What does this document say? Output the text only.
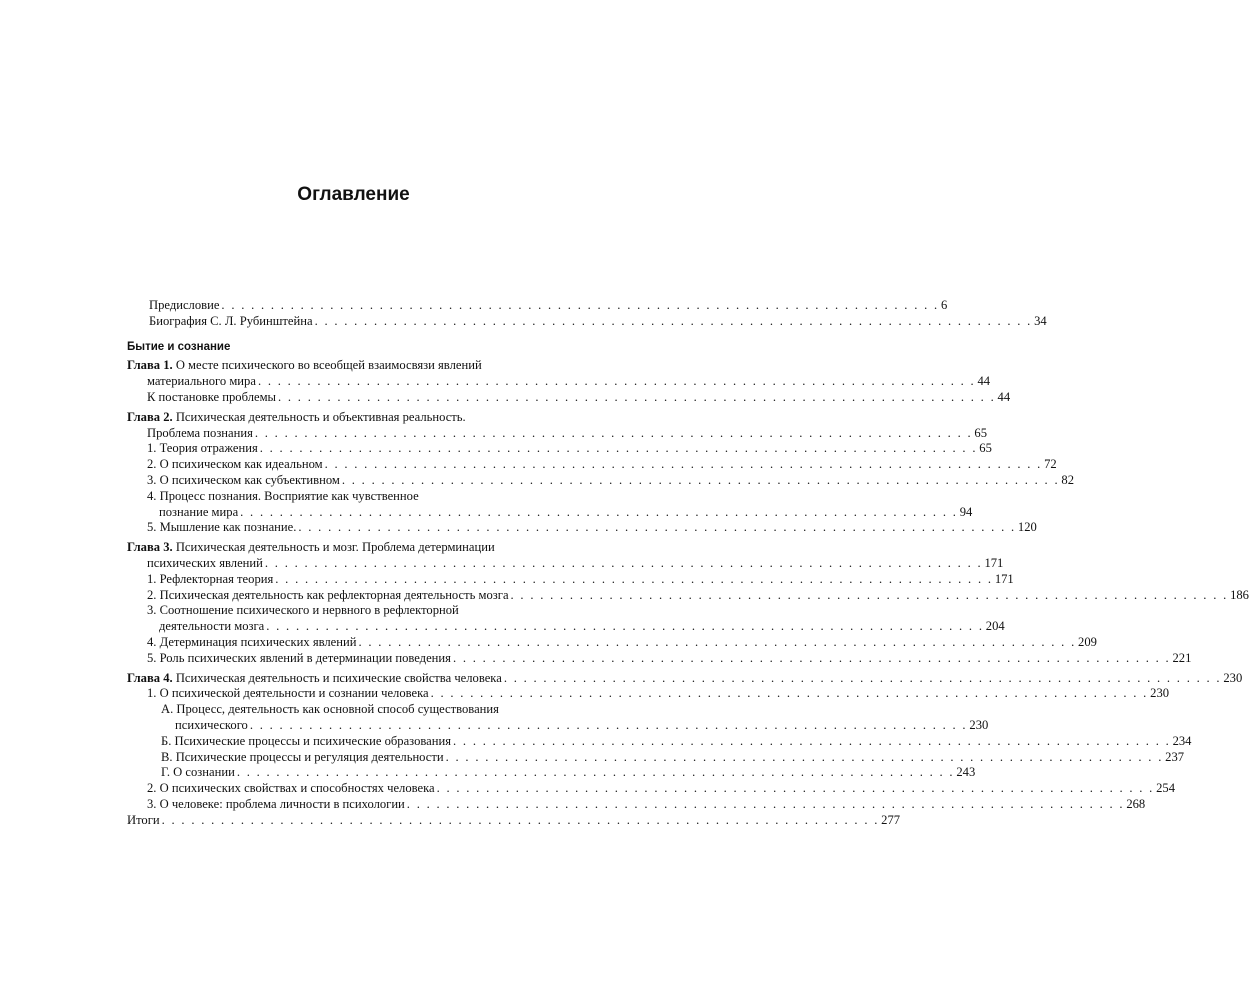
Оглавление
Предисловие . . . . . . . . . . . . . . . . . . . . . . . . . . . . . . . . . . . . . . . . . . . . . . . . . . . . . . . . . . . . . . . . . . . . . . . . . 6
Биография С. Л. Рубинштейна . . . . . . . . . . . . . . . . . . . . . . . . . . . . . . . . . . . . . . . . . . . . . . . . . . . . . . . . . . . . . . . . . . . . . . . . . 34
Бытие и сознание
Глава 1. О месте психического во всеобщей взаимосвязи явлений
материального мира . . . . . . . . . . . . . . . . . . . . . . . . . . . . . . . . . . . . . . . . . . . . . . . . . . . . . . . . . . . . . . . . . . . . . . . . . 44
К постановке проблемы . . . . . . . . . . . . . . . . . . . . . . . . . . . . . . . . . . . . . . . . . . . . . . . . . . . . . . . . . . . . . . . . . . . . . . . . . 44
Глава 2. Психическая деятельность и объективная реальность.
Проблема познания . . . . . . . . . . . . . . . . . . . . . . . . . . . . . . . . . . . . . . . . . . . . . . . . . . . . . . . . . . . . . . . . . . . . . . . . . 65
1. Теория отражения . . . . . . . . . . . . . . . . . . . . . . . . . . . . . . . . . . . . . . . . . . . . . . . . . . . . . . . . . . . . . . . . . . . . . . . . . 65
2. О психическом как идеальном . . . . . . . . . . . . . . . . . . . . . . . . . . . . . . . . . . . . . . . . . . . . . . . . . . . . . . . . . . . . . . . . . . . . . . . . . 72
3. О психическом как субъективном . . . . . . . . . . . . . . . . . . . . . . . . . . . . . . . . . . . . . . . . . . . . . . . . . . . . . . . . . . . . . . . . . . . . . . . . . 82
4. Процесс познания. Восприятие как чувственное
познание мира . . . . . . . . . . . . . . . . . . . . . . . . . . . . . . . . . . . . . . . . . . . . . . . . . . . . . . . . . . . . . . . . . . . . . . . . . 94
5. Мышление как познание. . . . . . . . . . . . . . . . . . . . . . . . . . . . . . . . . . . . . . . . . . . . . . . . . . . . . . . . . . . . . . . . . . . . . . . . . . 120
Глава 3. Психическая деятельность и мозг. Проблема детерминации
психических явлений . . . . . . . . . . . . . . . . . . . . . . . . . . . . . . . . . . . . . . . . . . . . . . . . . . . . . . . . . . . . . . . . . . . . . . . . . 171
1. Рефлекторная теория . . . . . . . . . . . . . . . . . . . . . . . . . . . . . . . . . . . . . . . . . . . . . . . . . . . . . . . . . . . . . . . . . . . . . . . . . 171
2. Психическая деятельность как рефлекторная деятельность мозга . . . . . . . . . . . . . . . . . . . . . . . . . . . . . . . . . . . . . . . . . . . . . . . . . . . . . . . . . . . . . . . . . . . . . . . . . 186
3. Соотношение психического и нервного в рефлекторной
деятельности мозга . . . . . . . . . . . . . . . . . . . . . . . . . . . . . . . . . . . . . . . . . . . . . . . . . . . . . . . . . . . . . . . . . . . . . . . . . 204
4. Детерминация психических явлений . . . . . . . . . . . . . . . . . . . . . . . . . . . . . . . . . . . . . . . . . . . . . . . . . . . . . . . . . . . . . . . . . . . . . . . . . 209
5. Роль психических явлений в детерминации поведения . . . . . . . . . . . . . . . . . . . . . . . . . . . . . . . . . . . . . . . . . . . . . . . . . . . . . . . . . . . . . . . . . . . . . . . . . 221
Глава 4. Психическая деятельность и психические свойства человека . . . . . . . . . . . . . . . . . . . . . . . . . . . . . . . . . . . . . . . . . . . . . . . . . . . . . . . . . . . . . . . . . . . . . . . . . 230
1. О психической деятельности и сознании человека . . . . . . . . . . . . . . . . . . . . . . . . . . . . . . . . . . . . . . . . . . . . . . . . . . . . . . . . . . . . . . . . . . . . . . . . . 230
А. Процесс, деятельность как основной способ существования
психического . . . . . . . . . . . . . . . . . . . . . . . . . . . . . . . . . . . . . . . . . . . . . . . . . . . . . . . . . . . . . . . . . . . . . . . . . 230
Б. Психические процессы и психические образования . . . . . . . . . . . . . . . . . . . . . . . . . . . . . . . . . . . . . . . . . . . . . . . . . . . . . . . . . . . . . . . . . . . . . . . . . 234
В. Психические процессы и регуляция деятельности . . . . . . . . . . . . . . . . . . . . . . . . . . . . . . . . . . . . . . . . . . . . . . . . . . . . . . . . . . . . . . . . . . . . . . . . . 237
Г. О сознании . . . . . . . . . . . . . . . . . . . . . . . . . . . . . . . . . . . . . . . . . . . . . . . . . . . . . . . . . . . . . . . . . . . . . . . . . 243
2. О психических свойствах и способностях человека . . . . . . . . . . . . . . . . . . . . . . . . . . . . . . . . . . . . . . . . . . . . . . . . . . . . . . . . . . . . . . . . . . . . . . . . . 254
3. О человеке: проблема личности в психологии . . . . . . . . . . . . . . . . . . . . . . . . . . . . . . . . . . . . . . . . . . . . . . . . . . . . . . . . . . . . . . . . . . . . . . . . . 268
Итоги . . . . . . . . . . . . . . . . . . . . . . . . . . . . . . . . . . . . . . . . . . . . . . . . . . . . . . . . . . . . . . . . . . . . . . . . . 277
